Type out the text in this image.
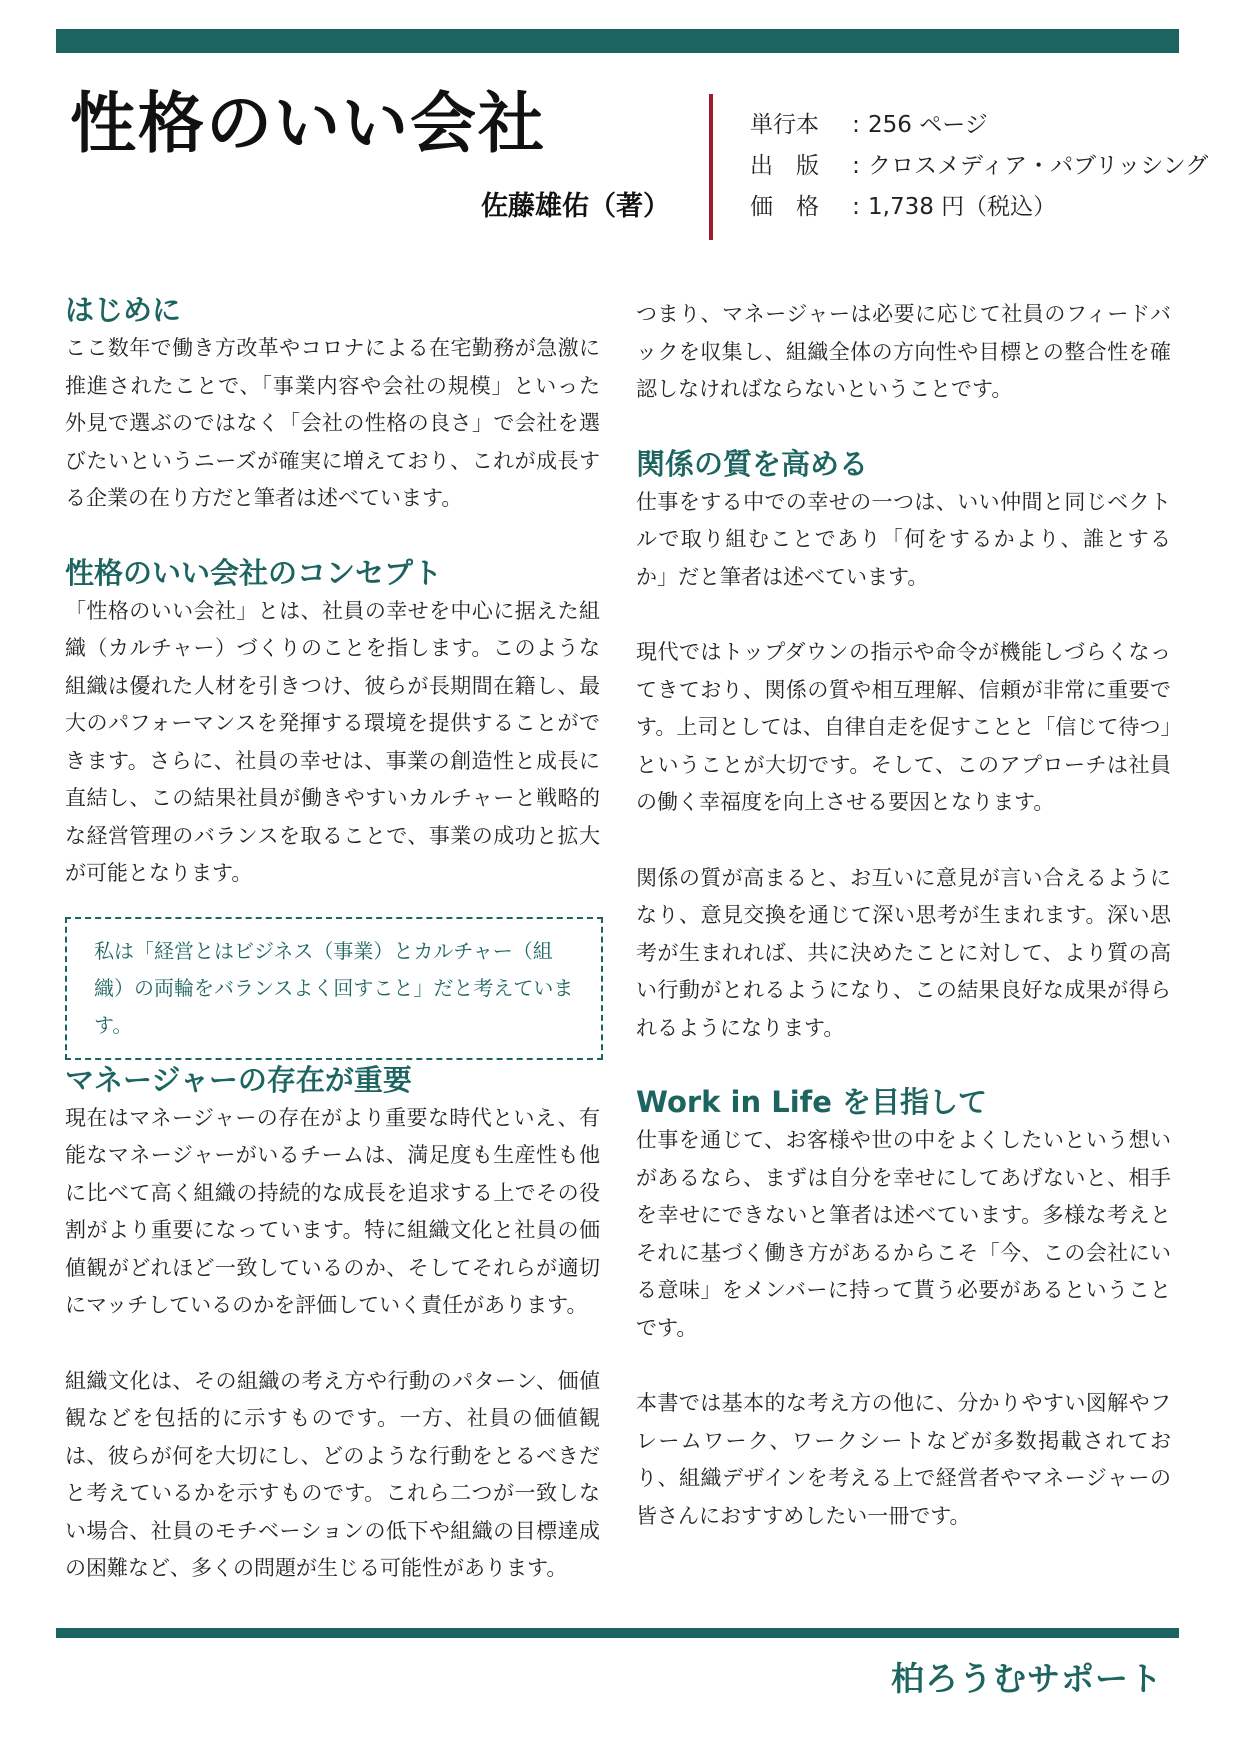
性格のいい会社

佐藤雄佑（著）

単行本	: 256 ページ
出　版	: クロスメディア・パブリッシング
価　格	: 1,738 円（税込）
はじめに

ここ数年で働き方改革やコロナによる在宅勤務が急激に推進されたことで、「事業内容や会社の規模」といった外見で選ぶのではなく「会社の性格の良さ」で会社を選びたいというニーズが確実に増えており、これが成長する企業の在り方だと筆者は述べています。

性格のいい会社のコンセプト

「性格のいい会社」とは、社員の幸せを中心に据えた組織（カルチャー）づくりのことを指します。このような組織は優れた人材を引きつけ、彼らが長期間在籍し、最大のパフォーマンスを発揮する環境を提供することができます。さらに、社員の幸せは、事業の創造性と成長に直結し、この結果社員が働きやすいカルチャーと戦略的な経営管理のバランスを取ることで、事業の成功と拡大が可能となります。

私は「経営とはビジネス（事業）とカルチャー（組織）の両輪をバランスよく回すこと」だと考えています。

マネージャーの存在が重要

現在はマネージャーの存在がより重要な時代といえ、有能なマネージャーがいるチームは、満足度も生産性も他に比べて高く組織の持続的な成長を追求する上でその役割がより重要になっています。特に組織文化と社員の価値観がどれほど一致しているのか、そしてそれらが適切にマッチしているのかを評価していく責任があります。

組織文化は、その組織の考え方や行動のパターン、価値観などを包括的に示すものです。一方、社員の価値観は、彼らが何を大切にし、どのような行動をとるべきだと考えているかを示すものです。これら二つが一致しない場合、社員のモチベーションの低下や組織の目標達成の困難など、多くの問題が生じる可能性があります。

つまり、マネージャーは必要に応じて社員のフィードバックを収集し、組織全体の方向性や目標との整合性を確認しなければならないということです。

関係の質を高める

仕事をする中での幸せの一つは、いい仲間と同じベクトルで取り組むことであり「何をするかより、誰とするか」だと筆者は述べています。

現代ではトップダウンの指示や命令が機能しづらくなってきており、関係の質や相互理解、信頼が非常に重要です。上司としては、自律自走を促すことと「信じて待つ」ということが大切です。そして、このアプローチは社員の働く幸福度を向上させる要因となります。

関係の質が高まると、お互いに意見が言い合えるようになり、意見交換を通じて深い思考が生まれます。深い思考が生まれれば、共に決めたことに対して、より質の高い行動がとれるようになり、この結果良好な成果が得られるようになります。

Work in Life を目指して

仕事を通じて、お客様や世の中をよくしたいという想いがあるなら、まずは自分を幸せにしてあげないと、相手を幸せにできないと筆者は述べています。多様な考えとそれに基づく働き方があるからこそ「今、この会社にいる意味」をメンバーに持って貰う必要があるということです。

本書では基本的な考え方の他に、分かりやすい図解やフレームワーク、ワークシートなどが多数掲載されており、組織デザインを考える上で経営者やマネージャーの皆さんにおすすめしたい一冊です。

柏ろうむサポート
